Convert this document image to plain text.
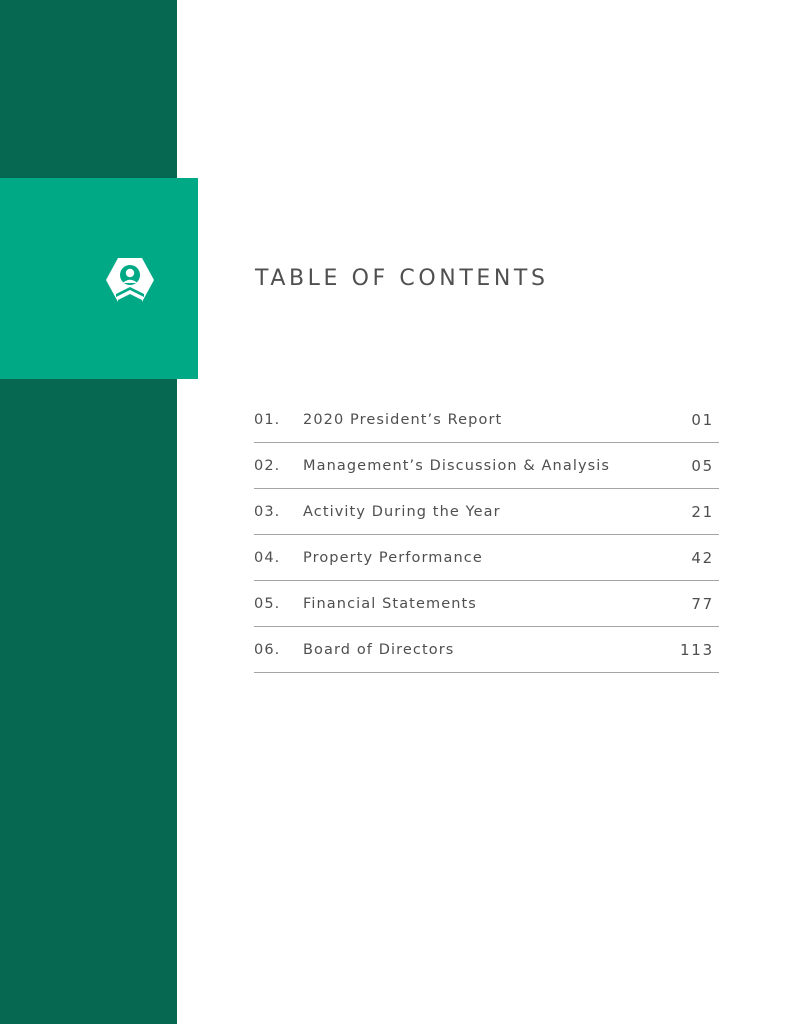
TABLE OF CONTENTS
01. 2020 President’s Report	01
02. Management’s Discussion & Analysis	05
03. Activity During the Year	21
04. Property Performance	42
05. Financial Statements	77
06. Board of Directors	113
